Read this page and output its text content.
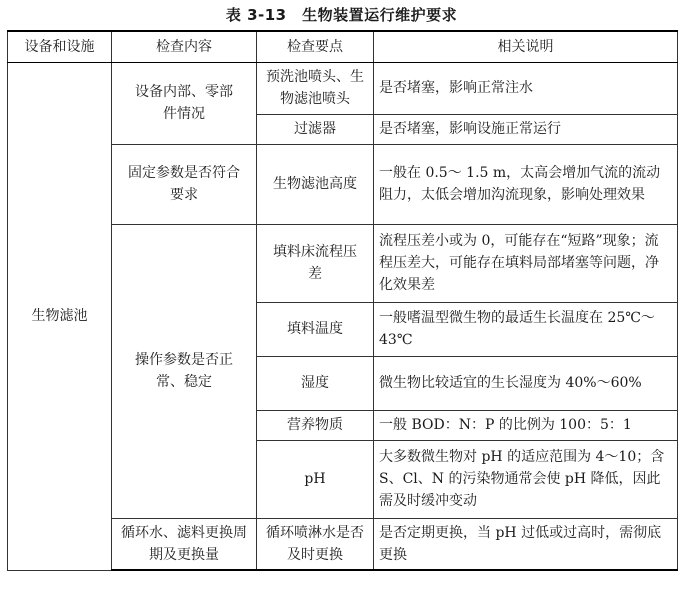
表 3-13　生物装置运行维护要求
设备和设施	检查内容	检查要点	相关说明
生物滤池	设备内部、零部件情况	预洗池喷头、生物滤池喷头	是否堵塞，影响正常注水
		过滤器	是否堵塞，影响设施正常运行
	固定参数是否符合要求	生物滤池高度	一般在 0.5～ 1.5 m，太高会增加气流的流动阻力，太低会增加沟流现象，影响处理效果
	操作参数是否正常、稳定	填料床流程压差	流程压差小或为 0，可能存在“短路”现象；流程压差大，可能存在填料局部堵塞等问题，净化效果差
		填料温度	一般嗜温型微生物的最适生长温度在 25℃～43℃
		湿度	微生物比较适宜的生长湿度为 40%～60%
		营养物质	一般 BOD：N：P 的比例为 100：5：1
		pH	大多数微生物对 pH 的适应范围为 4～10；含 S、Cl、N 的污染物通常会使 pH 降低，因此需及时缓冲变动
	循环水、滤料更换周期及更换量	循环喷淋水是否及时更换	是否定期更换，当 pH 过低或过高时，需彻底更换
